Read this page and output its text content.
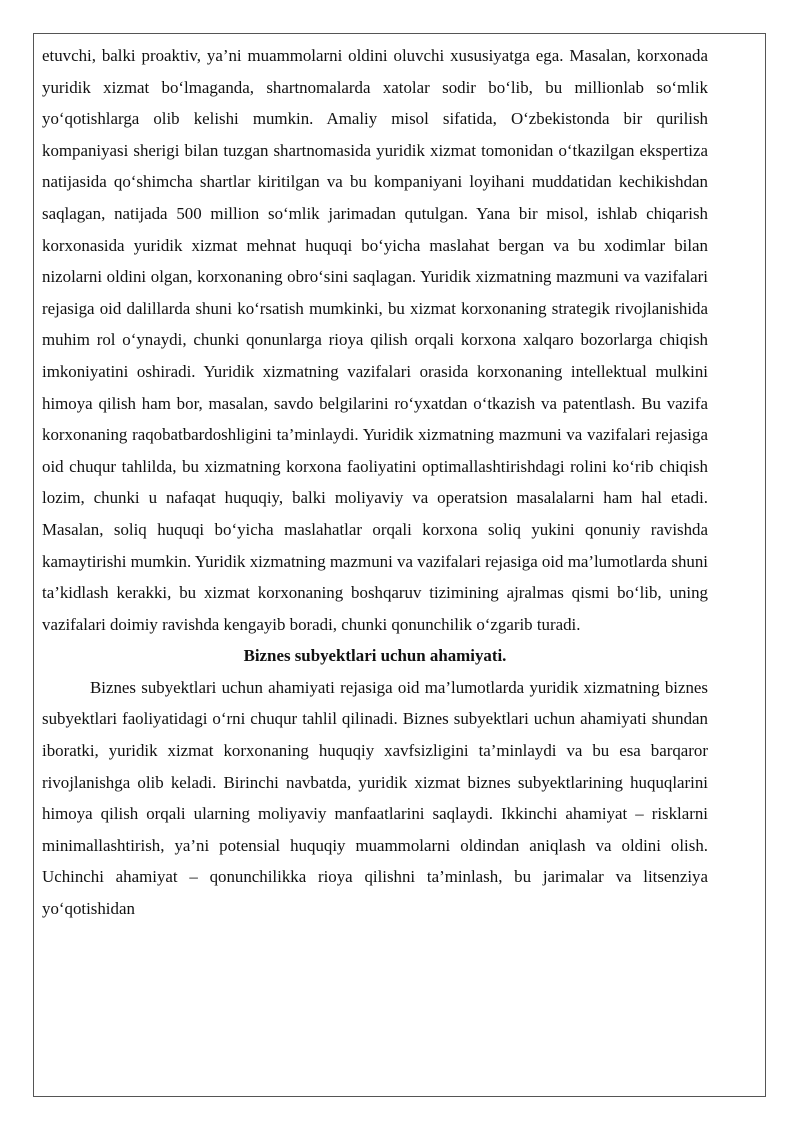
etuvchi, balki proaktiv, ya’ni muammolarni oldini oluvchi xususiyatga ega. Masalan, korxonada yuridik xizmat bo‘lmaganda, shartnomalarda xatolar sodir bo‘lib, bu millionlab so‘mlik yo‘qotishlarga olib kelishi mumkin. Amaliy misol sifatida, O‘zbekistonda bir qurilish kompaniyasi sherigi bilan tuzgan shartnomasida yuridik xizmat tomonidan o‘tkazilgan ekspertiza natijasida qo‘shimcha shartlar kiritilgan va bu kompaniyani loyihani muddatidan kechikishdan saqlagan, natijada 500 million so‘mlik jarimadan qutulgan. Yana bir misol, ishlab chiqarish korxonasida yuridik xizmat mehnat huquqi bo‘yicha maslahat bergan va bu xodimlar bilan nizolarni oldini olgan, korxonaning obro‘sini saqlagan. Yuridik xizmatning mazmuni va vazifalari rejasiga oid dalillarda shuni ko‘rsatish mumkinki, bu xizmat korxonaning strategik rivojlanishida muhim rol o‘ynaydi, chunki qonunlarga rioya qilish orqali korxona xalqaro bozorlarga chiqish imkoniyatini oshiradi. Yuridik xizmatning vazifalari orasida korxonaning intellektual mulkini himoya qilish ham bor, masalan, savdo belgilarini ro‘yxatdan o‘tkazish va patentlash. Bu vazifa korxonaning raqobatbardoshligini ta’minlaydi. Yuridik xizmatning mazmuni va vazifalari rejasiga oid chuqur tahlilda, bu xizmatning korxona faoliyatini optimallashtirishdagi rolini ko‘rib chiqish lozim, chunki u nafaqat huquqiy, balki moliyaviy va operatsion masalalarni ham hal etadi. Masalan, soliq huquqi bo‘yicha maslahatlar orqali korxona soliq yukini qonuniy ravishda kamaytirishi mumkin. Yuridik xizmatning mazmuni va vazifalari rejasiga oid ma’lumotlarda shuni ta’kidlash kerakki, bu xizmat korxonaning boshqaruv tizimining ajralmas qismi bo‘lib, uning vazifalari doimiy ravishda kengayib boradi, chunki qonunchilik o‘zgarib turadi.

Biznes subyektlari uchun ahamiyati.

Biznes subyektlari uchun ahamiyati rejasiga oid ma’lumotlarda yuridik xizmatning biznes subyektlari faoliyatidagi o‘rni chuqur tahlil qilinadi. Biznes subyektlari uchun ahamiyati shundan iboratki, yuridik xizmat korxonaning huquqiy xavfsizligini ta’minlaydi va bu esa barqaror rivojlanishga olib keladi. Birinchi navbatda, yuridik xizmat biznes subyektlarining huquqlarini himoya qilish orqali ularning moliyaviy manfaatlarini saqlaydi. Ikkinchi ahamiyat – risklarni minimallashtirish, ya’ni potensial huquqiy muammolarni oldindan aniqlash va oldini olish. Uchinchi ahamiyat – qonunchilikka rioya qilishni ta’minlash, bu jarimalar va litsenziya yo‘qotishidan
